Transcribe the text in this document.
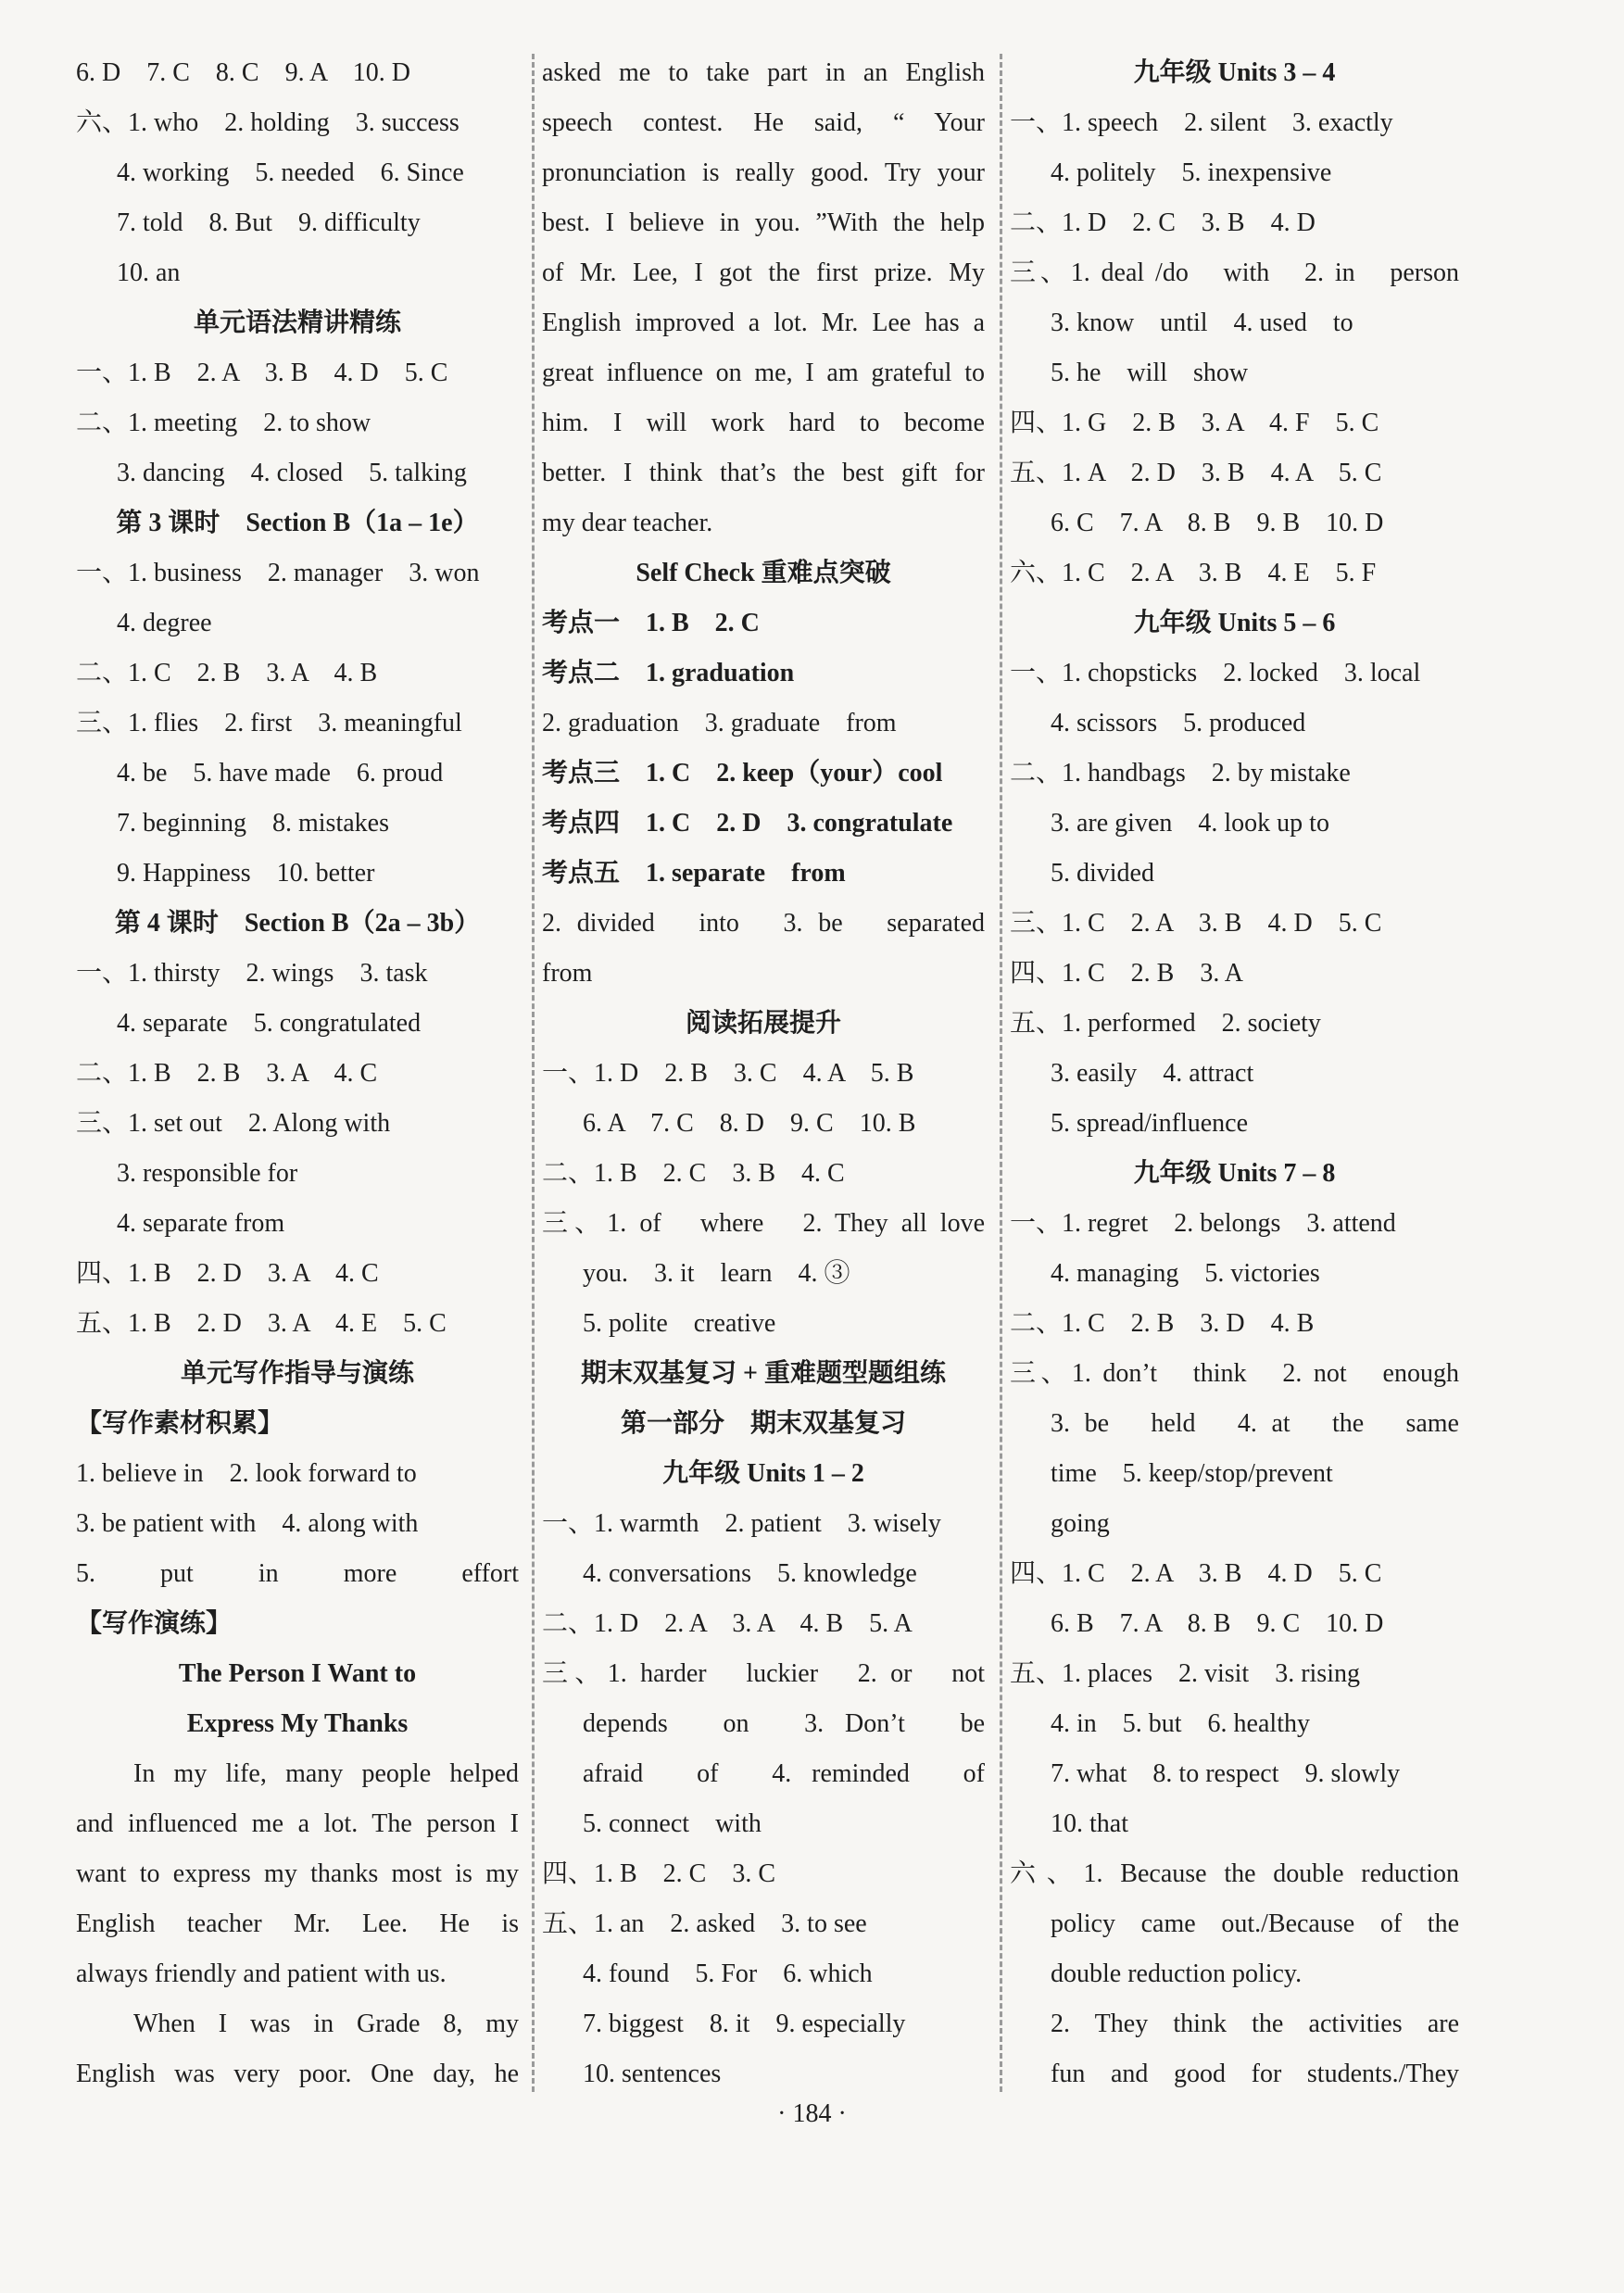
6. D　7. C　8. C　9. A　10. D
六、1. who　2. holding　3. success
4. working　5. needed　6. Since
7. told　8. But　9. difficulty
10. an
单元语法精讲精练
一、1. B　2. A　3. B　4. D　5. C
二、1. meeting　2. to show
3. dancing　4. closed　5. talking
第 3 课时　Section B（1a – 1e）
一、1. business　2. manager　3. won
4. degree
二、1. C　2. B　3. A　4. B
三、1. flies　2. first　3. meaningful
4. be　5. have made　6. proud
7. beginning　8. mistakes
9. Happiness　10. better
第 4 课时　Section B（2a – 3b）
一、1. thirsty　2. wings　3. task
4. separate　5. congratulated
二、1. B　2. B　3. A　4. C
三、1. set out　2. Along with
3. responsible for
4. separate from
四、1. B　2. D　3. A　4. C
五、1. B　2. D　3. A　4. E　5. C
单元写作指导与演练
【写作素材积累】
1. believe in　2. look forward to
3. be patient with　4. along with
5. put in more effort
【写作演练】
The Person I Want to
Express My Thanks
In my life, many people helped
and influenced me a lot. The person I
want to express my thanks most is my
English teacher Mr. Lee. He is
always friendly and patient with us.
When I was in Grade 8, my
English was very poor. One day, he
asked me to take part in an English
speech contest. He said, “ Your
pronunciation is really good. Try your
best. I believe in you. ”With the help
of Mr. Lee, I got the first prize. My
English improved a lot. Mr. Lee has a
great influence on me, I am grateful to
him. I will work hard to become
better. I think that’s the best gift for
my dear teacher.
Self Check 重难点突破
考点一　1. B　2. C
考点二　1. graduation
2. graduation　3. graduate　from
考点三　1. C　2. keep（your）cool
考点四　1. C　2. D　3. congratulate
考点五　1. separate　from
2. divided　into　3. be　separated
from
阅读拓展提升
一、1. D　2. B　3. C　4. A　5. B
6. A　7. C　8. D　9. C　10. B
二、1. B　2. C　3. B　4. C
三、1. of　where　2. They all love
you.　3. it　learn　4. ③
5. polite　creative
期末双基复习 + 重难题型题组练
第一部分　期末双基复习
九年级 Units 1 – 2
一、1. warmth　2. patient　3. wisely
4. conversations　5. knowledge
二、1. D　2. A　3. A　4. B　5. A
三、1. harder　luckier　2. or　not
depends　on　3. Don’t　be
afraid　of　4. reminded　of
5. connect　with
四、1. B　2. C　3. C
五、1. an　2. asked　3. to see
4. found　5. For　6. which
7. biggest　8. it　9. especially
10. sentences
九年级 Units 3 – 4
一、1. speech　2. silent　3. exactly
4. politely　5. inexpensive
二、1. D　2. C　3. B　4. D
三、1. deal /do　with　2. in　person
3. know　until　4. used　to
5. he　will　show
四、1. G　2. B　3. A　4. F　5. C
五、1. A　2. D　3. B　4. A　5. C
6. C　7. A　8. B　9. B　10. D
六、1. C　2. A　3. B　4. E　5. F
九年级 Units 5 – 6
一、1. chopsticks　2. locked　3. local
4. scissors　5. produced
二、1. handbags　2. by mistake
3. are given　4. look up to
5. divided
三、1. C　2. A　3. B　4. D　5. C
四、1. C　2. B　3. A
五、1. performed　2. society
3. easily　4. attract
5. spread/influence
九年级 Units 7 – 8
一、1. regret　2. belongs　3. attend
4. managing　5. victories
二、1. C　2. B　3. D　4. B
三、1. don’t　think　2. not　enough
3. be　held　4. at　the　same
time　5. keep/stop/prevent
going
四、1. C　2. A　3. B　4. D　5. C
6. B　7. A　8. B　9. C　10. D
五、1. places　2. visit　3. rising
4. in　5. but　6. healthy
7. what　8. to respect　9. slowly
10. that
六、1. Because the double reduction
policy came out./Because of the
double reduction policy.
2. They think the activities are
fun and good for students./They
· 184 ·
